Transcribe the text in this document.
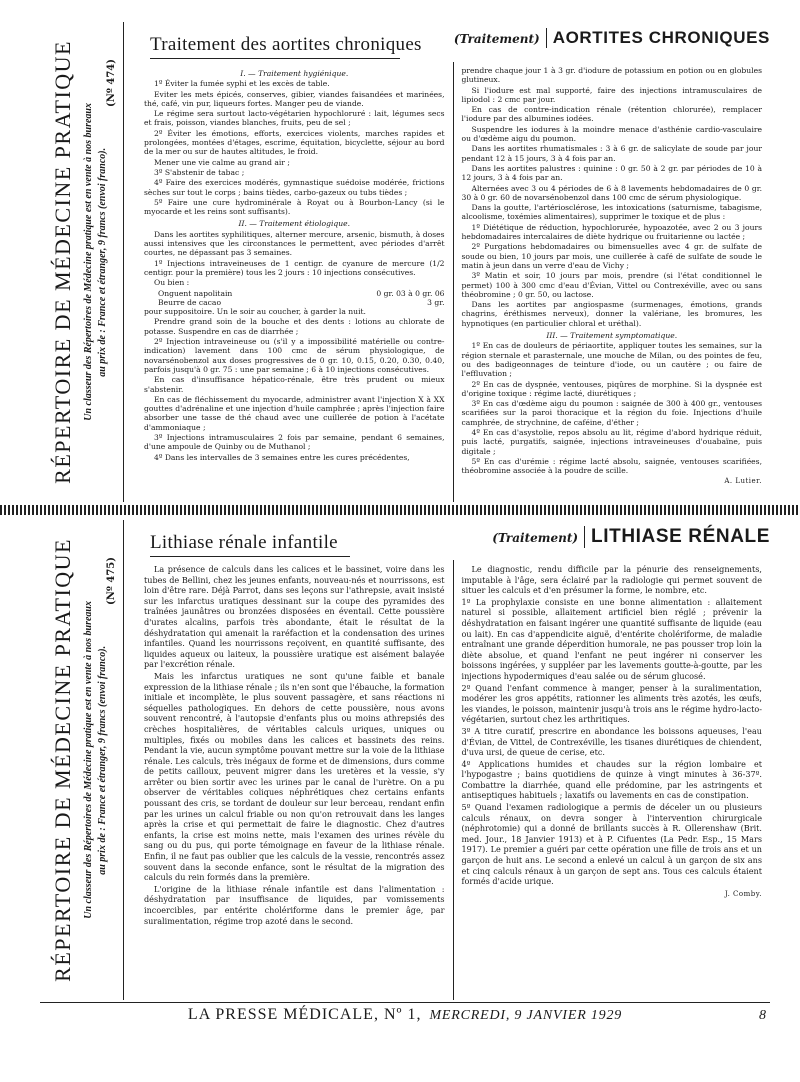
RÉPERTOIRE DE MÉDECINE PRATIQUE Un classeur des Répertoires de Médecine pratique est en vente à nos bureaux au prix de : France et étranger, 9 francs (envoi franco).
(Nº 474)
Traitement des aortites chroniques	(Traitement) AORTITES CHRONIQUES

I. — Traitement hygiénique.

1º Éviter la fumée syphi et les excès de table.

Eviter les mets épicés, conserves, gibier, viandes faisandées et marinées, thé, café, vin pur, liqueurs fortes. Manger peu de viande.

Le régime sera surtout lacto-végétarien hypochloruré : lait, légumes secs et frais, poisson, viandes blanches, fruits, peu de sel ;

2º Éviter les émotions, efforts, exercices violents, marches rapides et prolongées, montées d'étages, escrime, équitation, bicyclette, séjour au bord de la mer ou sur de hautes altitudes, le froid.

Mener une vie calme au grand air ;

3º S'abstenir de tabac ;

4º Faire des exercices modérés, gymnastique suédoise modérée, frictions sèches sur tout le corps ; bains tièdes, carbo-gazeux ou tubs tièdes ;

5º Faire une cure hydrominérale à Royat ou à Bourbon-Lancy (si le myocarde et les reins sont suffisants).

II. — Traitement étiologique.

Dans les aortites syphilitiques, alterner mercure, arsenic, bismuth, à doses aussi intensives que les circonstances le permettent, avec périodes d'arrêt courtes, ne dépassant pas 3 semaines.

1º Injections intraveineuses de 1 centigr. de cyanure de mercure (1/2 centigr. pour la première) tous les 2 jours : 10 injections consécutives.

Ou bien :

Onguent napolitain	0 gr. 03 à 0 gr. 06
Beurre de cacao	3 gr.

pour suppositoire. Un le soir au coucher, à garder la nuit.

Prendre grand soin de la bouche et des dents : lotions au chlorate de potasse. Suspendre en cas de diarrhée ;

2º Injection intraveineuse ou (s'il y a impossibilité matérielle ou contre-indication) lavement dans 100 cmc de sérum physiologique, de novarsénobenzol aux doses progressives de 0 gr. 10, 0.15, 0.20, 0.30, 0.40, parfois jusqu'à 0 gr. 75 : une par semaine ; 6 à 10 injections consécutives.

En cas d'insuffisance hépatico-rénale, être très prudent ou mieux s'abstenir.

En cas de fléchissement du myocarde, administrer avant l'injection X à XX gouttes d'adrénaline et une injection d'huile camphrée ; après l'injection faire absorber une tasse de thé chaud avec une cuillerée de potion à l'acétate d'ammoniaque ;

3º Injections intramusculaires 2 fois par semaine, pendant 6 semaines, d'une ampoule de Quinby ou de Muthanol ;

4º Dans les intervalles de 3 semaines entre les cures précédentes,

prendre chaque jour 1 à 3 gr. d'iodure de potassium en potion ou en globules glutineux.

Si l'iodure est mal supporté, faire des injections intramusculaires de lipiodol : 2 cmc par jour.

En cas de contre-indication rénale (rétention chlorurée), remplacer l'iodure par des albumines iodées.

Suspendre les iodures à la moindre menace d'asthénie cardio-vasculaire ou d'œdème aigu du poumon.

Dans les aortites rhumatismales : 3 à 6 gr. de salicylate de soude par jour pendant 12 à 15 jours, 3 à 4 fois par an.

Dans les aortites palustres : quinine : 0 gr. 50 à 2 gr. par périodes de 10 à 12 jours, 3 à 4 fois par an.

Alternées avec 3 ou 4 périodes de 6 à 8 lavements hebdomadaires de 0 gr. 30 à 0 gr. 60 de novarsénobenzol dans 100 cmc de sérum physiologique.

Dans la goutte, l'artériosclérose, les intoxications (saturnisme, tabagisme, alcoolisme, toxémies alimentaires), supprimer le toxique et de plus :

1º Diététique de réduction, hypochlorurée, hypoazotée, avec 2 ou 3 jours hebdomadaires intercalaires de diète hydrique ou fruitarienne ou lactée ;

2º Purgations hebdomadaires ou bimensuelles avec 4 gr. de sulfate de soude ou bien, 10 jours par mois, une cuillerée à café de sulfate de soude le matin à jeun dans un verre d'eau de Vichy ;

3º Matin et soir, 10 jours par mois, prendre (si l'état conditionnel le permet) 100 à 300 cmc d'eau d'Évian, Vittel ou Contrexéville, avec ou sans théobromine ; 0 gr. 50, ou lactose.

Dans les aortites par angiospasme (surmenages, émotions, grands chagrins, éréthismes nerveux), donner la valériane, les bromures, les hypnotiques (en particulier chloral et uréthal).

III. — Traitement symptomatique.

1º En cas de douleurs de périaortite, appliquer toutes les semaines, sur la région sternale et parasternale, une mouche de Milan, ou des pointes de feu, ou des badigeonnages de teinture d'iode, ou un cautère ; ou faire de l'effluvation ;

2º En cas de dyspnée, ventouses, piqûres de morphine. Si la dyspnée est d'origine toxique : régime lacté, diurétiques ;

3º En cas d'œdème aigu du poumon : saignée de 300 à 400 gr., ventouses scarifiées sur la paroi thoracique et la région du foie. Injections d'huile camphrée, de strychnine, de caféine, d'éther ;

4º En cas d'asystolie, repos absolu au lit, régime d'abord hydrique réduit, puis lacté, purgatifs, saignée, injections intraveineuses d'ouabaïne, puis digitale ;

5º En cas d'urémie : régime lacté absolu, saignée, ventouses scarifiées, théobromine associée à la poudre de scille.

A. Lutier.

RÉPERTOIRE DE MÉDECINE PRATIQUE Un classeur des Répertoires de Médecine pratique est en vente à nos bureaux au prix de : France et étranger, 9 francs (envoi franco).
(Nº 475)
Lithiase rénale infantile	(Traitement) LITHIASE RÉNALE

La présence de calculs dans les calices et le bassinet, voire dans les tubes de Bellini, chez les jeunes enfants, nouveau-nés et nourrissons, est loin d'être rare. Déjà Parrot, dans ses leçons sur l'athrepsie, avait insisté sur les infarctus uratiques dessinant sur la coupe des pyramides des traînées jaunâtres ou bronzées disposées en éventail. Cette poussière d'urates alcalins, parfois très abondante, était le résultat de la déshydratation qui amenait la raréfaction et la condensation des urines infantiles. Quand les nourrissons reçoivent, en quantité suffisante, des liquides aqueux ou laiteux, la poussière uratique est aisément balayée par l'excrétion rénale.

Mais les infarctus uratiques ne sont qu'une faible et banale expression de la lithiase rénale ; ils n'en sont que l'ébauche, la formation initiale et incomplète, le plus souvent passagère, et sans réactions ni séquelles pathologiques. En dehors de cette poussière, nous avons souvent rencontré, à l'autopsie d'enfants plus ou moins athrepsiés des crèches hospitalières, de véritables calculs uriques, uniques ou multiples, fixés ou mobiles dans les calices et bassinets des reins. Pendant la vie, aucun symptôme pouvant mettre sur la voie de la lithiase rénale. Les calculs, très inégaux de forme et de dimensions, durs comme de petits cailloux, peuvent migrer dans les uretères et la vessie, s'y arrêter ou bien sortir avec les urines par le canal de l'urètre. On a pu observer de véritables coliques néphrétiques chez certains enfants poussant des cris, se tordant de douleur sur leur berceau, rendant enfin par les urines un calcul friable ou non qu'on retrouvait dans les langes après la crise et qui permettait de faire le diagnostic. Chez d'autres enfants, la crise est moins nette, mais l'examen des urines révèle du sang ou du pus, qui porte témoignage en faveur de la lithiase rénale. Enfin, il ne faut pas oublier que les calculs de la vessie, rencontrés assez souvent dans la seconde enfance, sont le résultat de la migration des calculs du rein formés dans la première.

L'origine de la lithiase rénale infantile est dans l'alimentation : déshydratation par insuffisance de liquides, par vomissements incoercibles, par entérite cholériforme dans le premier âge, par suralimentation, régime trop azoté dans le second.

Le diagnostic, rendu difficile par la pénurie des renseignements, imputable à l'âge, sera éclairé par la radiologie qui permet souvent de situer les calculs et d'en présumer la forme, le nombre, etc.

1º La prophylaxie consiste en une bonne alimentation : allaitement naturel si possible, allaitement artificiel bien réglé ; prévenir la déshydratation en faisant ingérer une quantité suffisante de liquide (eau ou lait). En cas d'appendicite aiguë, d'entérite cholériforme, de maladie entraînant une grande déperdition humorale, ne pas pousser trop loin la diète absolue, et quand l'enfant ne peut ingérer ni conserver les boissons ingérées, y suppléer par les lavements goutte-à-goutte, par les injections hypodermiques d'eau salée ou de sérum glucosé.

2º Quand l'enfant commence à manger, penser à la suralimentation, modérer les gros appétits, rationner les aliments très azotés, les œufs, les viandes, le poisson, maintenir jusqu'à trois ans le régime hydro-lacto-végétarien, surtout chez les arthritiques.

3º A titre curatif, prescrire en abondance les boissons aqueuses, l'eau d'Évian, de Vittel, de Contrexéville, les tisanes diurétiques de chiendent, d'uva ursi, de queue de cerise, etc.

4º Applications humides et chaudes sur la région lombaire et l'hypogastre ; bains quotidiens de quinze à vingt minutes à 36-37º. Combattre la diarrhée, quand elle prédomine, par les astringents et antiseptiques habituels ; laxatifs ou lavements en cas de constipation.

5º Quand l'examen radiologique a permis de déceler un ou plusieurs calculs rénaux, on devra songer à l'intervention chirurgicale (néphrotomie) qui a donné de brillants succès à R. Ollerenshaw (Brit. med. Jour., 18 Janvier 1913) et à P. Cifuentes (La Pedr. Esp., 15 Mars 1917). Le premier a guéri par cette opération une fille de trois ans et un garçon de huit ans. Le second a enlevé un calcul à un garçon de six ans et cinq calculs rénaux à un garçon de sept ans. Tous ces calculs étaient formés d'acide urique.

J. Comby.

LA PRESSE MÉDICALE, Nº 1, MERCREDI, 9 JANVIER 1929	8
